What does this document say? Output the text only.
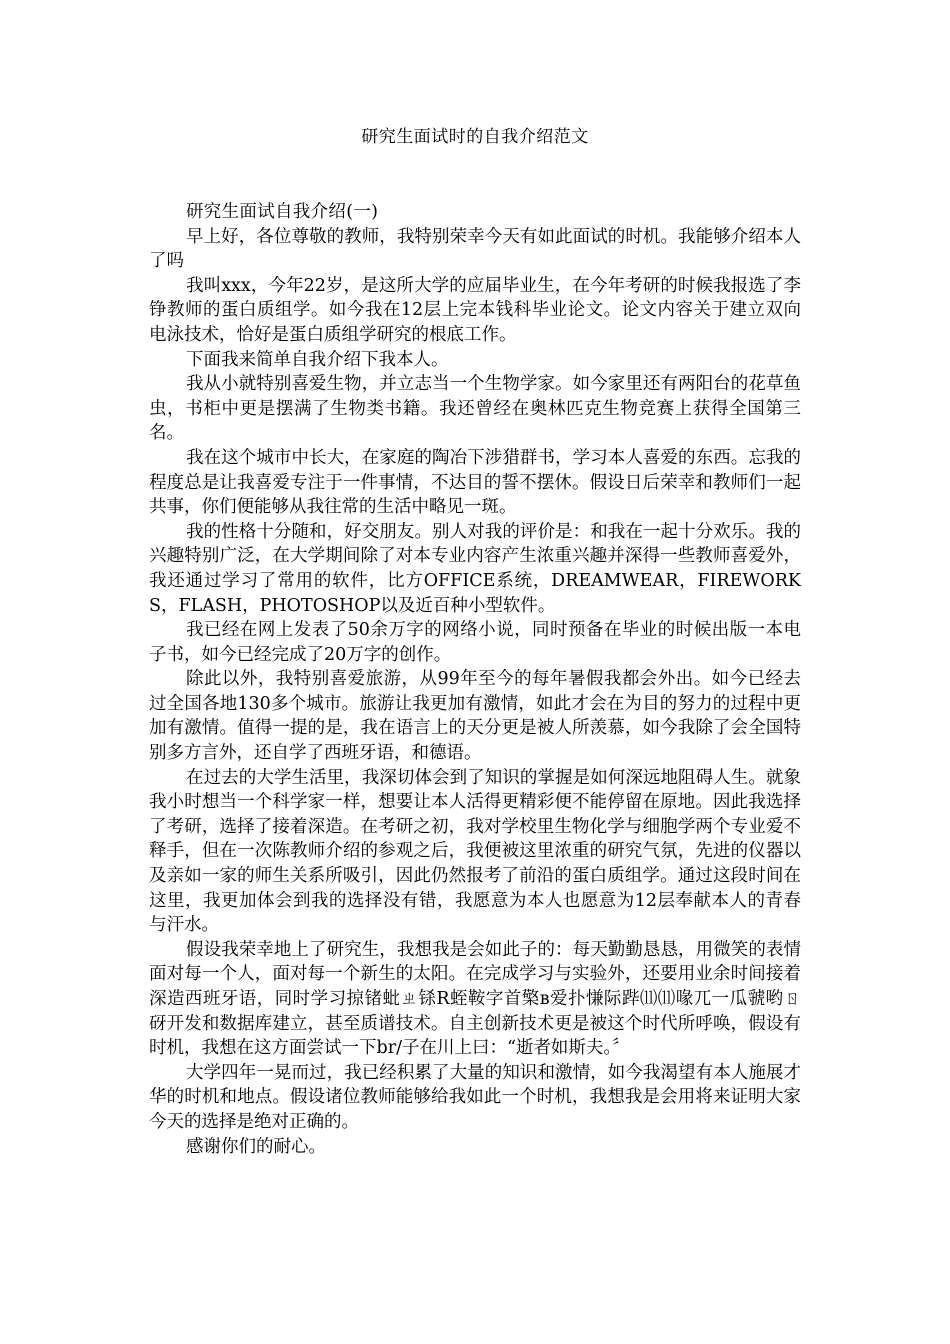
研究生面试时的自我介绍范文

研究生面试自我介绍(一)

早上好，各位尊敬的教师，我特别荣幸今天有如此面试的时机。我能够介绍本人了吗

我叫xxx，今年22岁，是这所大学的应届毕业生，在今年考研的时候我报选了李铮教师的蛋白质组学。如今我在12层上完本钱科毕业论文。论文内容关于建立双向电泳技术，恰好是蛋白质组学研究的根底工作。

下面我来简单自我介绍下我本人。

我从小就特别喜爱生物，并立志当一个生物学家。如今家里还有两阳台的花草鱼虫，书柜中更是摆满了生物类书籍。我还曾经在奥林匹克生物竞赛上获得全国第三名。

我在这个城市中长大，在家庭的陶冶下涉猎群书，学习本人喜爱的东西。忘我的程度总是让我喜爱专注于一件事情，不达目的誓不摆休。假设日后荣幸和教师们一起共事，你们便能够从我往常的生活中略见一斑。

我的性格十分随和，好交朋友。别人对我的评价是：和我在一起十分欢乐。我的兴趣特别广泛，在大学期间除了对本专业内容产生浓重兴趣并深得一些教师喜爱外，我还通过学习了常用的软件，比方OFFICE系统，DREAMWEAR，FIREWORKS，FLASH，PHOTOSHOP以及近百种小型软件。

我已经在网上发表了50余万字的网络小说，同时预备在毕业的时候出版一本电子书，如今已经完成了20万字的创作。

除此以外，我特别喜爱旅游，从99年至今的每年暑假我都会外出。如今已经去过全国各地130多个城市。旅游让我更加有激情，如此才会在为目的努力的过程中更加有激情。值得一提的是，我在语言上的天分更是被人所羡慕，如今我除了会全国特别多方言外，还自学了西班牙语，和德语。

在过去的大学生活里，我深切体会到了知识的掌握是如何深远地阻碍人生。就象我小时想当一个科学家一样，想要让本人活得更精彩便不能停留在原地。因此我选择了考研，选择了接着深造。在考研之初，我对学校里生物化学与细胞学两个专业爱不释手，但在一次陈教师介绍的参观之后，我便被这里浓重的研究气氛，先进的仪器以及亲如一家的师生关系所吸引，因此仍然报考了前沿的蛋白质组学。通过这段时间在这里，我更加体会到我的选择没有错，我愿意为本人也愿意为12层奉献本人的青春与汗水。

假设我荣幸地上了研究生，我想我是会如此子的：每天勤勤恳恳，用微笑的表情面对每一个人，面对每一个新生的太阳。在完成学习与实验外，还要用业余时间接着深造西班牙语，同时学习掠锗蚍ㄓ铩R蛭鞍字首檠в爱扑慊际跸⑾⑾喙兀一瓜虢哟ㄖ砑开发和数据库建立，甚至质谱技术。自主创新技术更是被这个时代所呼唤，假设有时机，我想在这方面尝试一下br/子在川上曰：“逝者如斯夫。〞

大学四年一晃而过，我已经积累了大量的知识和激情，如今我渴望有本人施展才华的时机和地点。假设诸位教师能够给我如此一个时机，我想我是会用将来证明大家今天的选择是绝对正确的。

感谢你们的耐心。
